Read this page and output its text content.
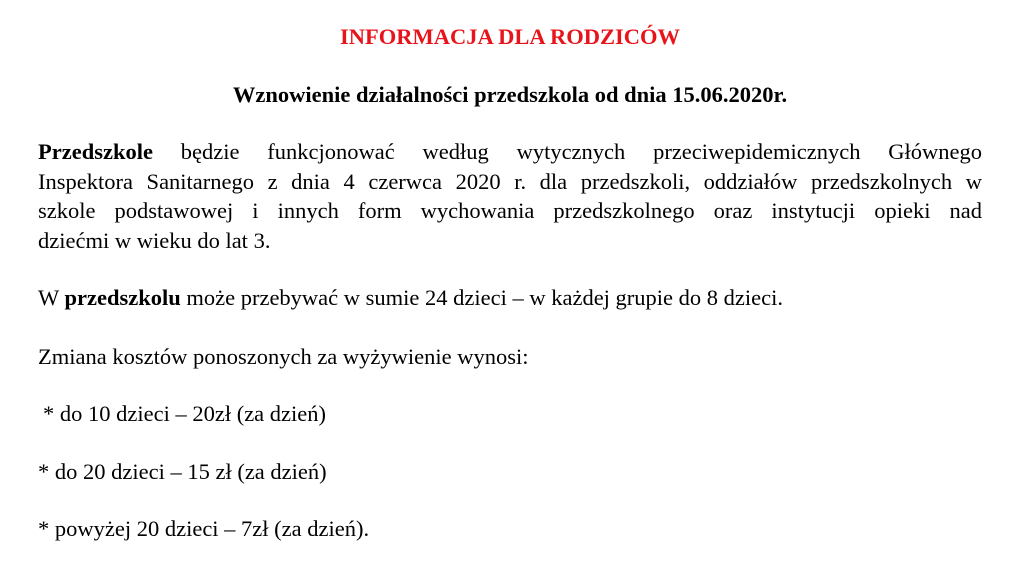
INFORMACJA DLA RODZICÓW
Wznowienie działalności przedszkola od dnia 15.06.2020r.
Przedszkole będzie funkcjonować według wytycznych przeciwepidemicznych Głównego
Inspektora Sanitarnego z dnia 4 czerwca 2020 r. dla przedszkoli, oddziałów przedszkolnych w
szkole podstawowej i innych form wychowania przedszkolnego oraz instytucji opieki nad
dziećmi w wieku do lat 3.
W przedszkolu może przebywać w sumie 24 dzieci – w każdej grupie do 8 dzieci.
Zmiana kosztów ponoszonych za wyżywienie wynosi:
* do 10 dzieci – 20zł (za dzień)
* do 20 dzieci – 15 zł (za dzień)
* powyżej 20 dzieci – 7zł (za dzień).
